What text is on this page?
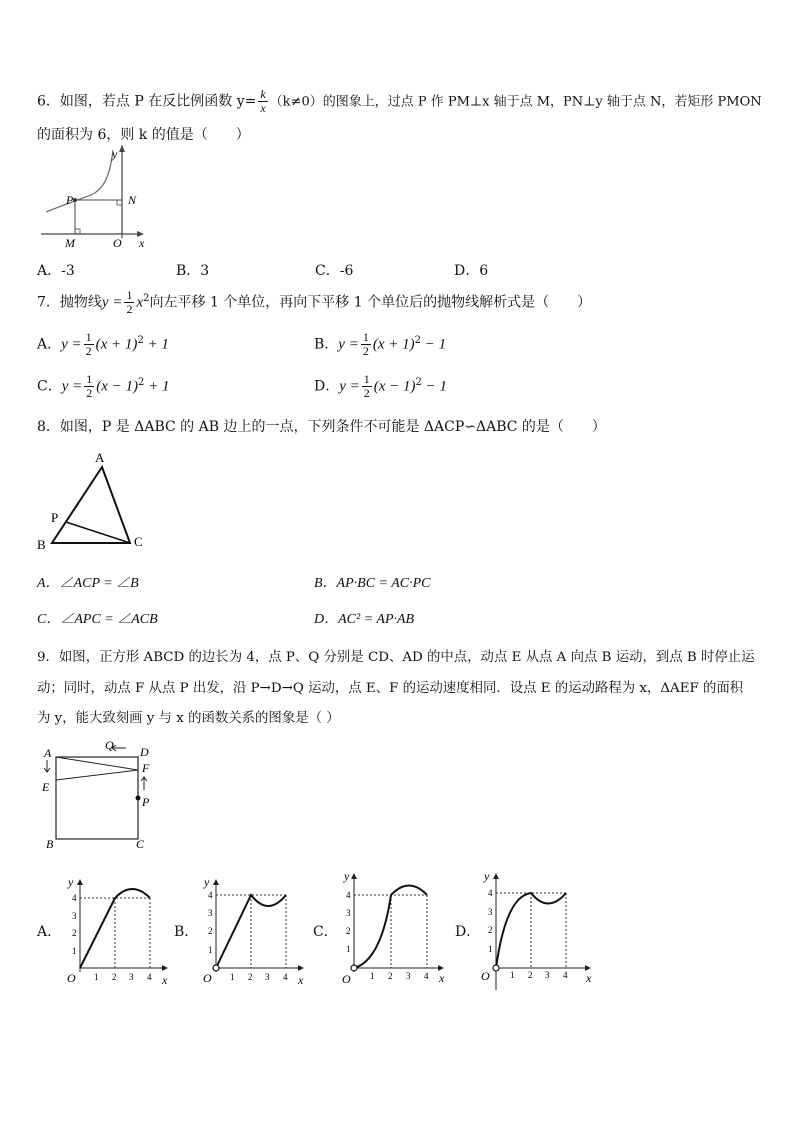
6．如图，若点 P 在反比例函数 $y= \frac{k}{x} (k\ne 0)$的图象上，过点 P 作 PM⊥x 轴于点 M，PN⊥y 轴于点 N，若矩形 PMON
的面积为 6，则 k 的值是（　　）
y
P	N
M	O x
A．-3	B．3	C．-6	D．6
7．抛物线$y = \frac{1}{2} x^2$向左平移 1 个单位，再向下平移 1 个单位后的抛物线解析式是（　　）
A．$y = \frac{1}{2} (x + 1)^2 + 1$	B．$y = \frac{1}{2} (x + 1)^2 - 1$
C．$y = \frac{1}{2} (x - 1)^2 + 1$	D．$y = \frac{1}{2} (x - 1)^2 - 1$
8．如图，P 是 ΔABC 的 AB 边上的一点，下列条件不可能是 ΔACP∽ΔABC 的是（　　）
A
B	C
P
A．∠ACP = ∠B	B．AP·BC = AC·PC
C．∠APC = ∠ACB	D．AC² = AP·AB
9．如图，正方形 ABCD 的边长为 4，点 P、Q 分别是 CD、AD 的中点，动点 E 从点 A 向点 B 运动，到点 B 时停止运
动；同时，动点 F 从点 P 出发，沿 P→D→Q 运动，点 E、F 的运动速度相同．设点 E 的运动路程为 x，ΔAEF 的面积
为 y，能大致刻画 y 与 x 的函数关系的图象是（ ）
A
Q D
E
F
P
B	C
A．	B．	C．	D．
y
x
O 1 2 3 4
1
2
3
4
y
x
O 1 2 3 4
1
2
3
4
y
x
O 1 2 3 4
1
2
3
4
y
x
O 1 2 3 4
1
2
3
4
